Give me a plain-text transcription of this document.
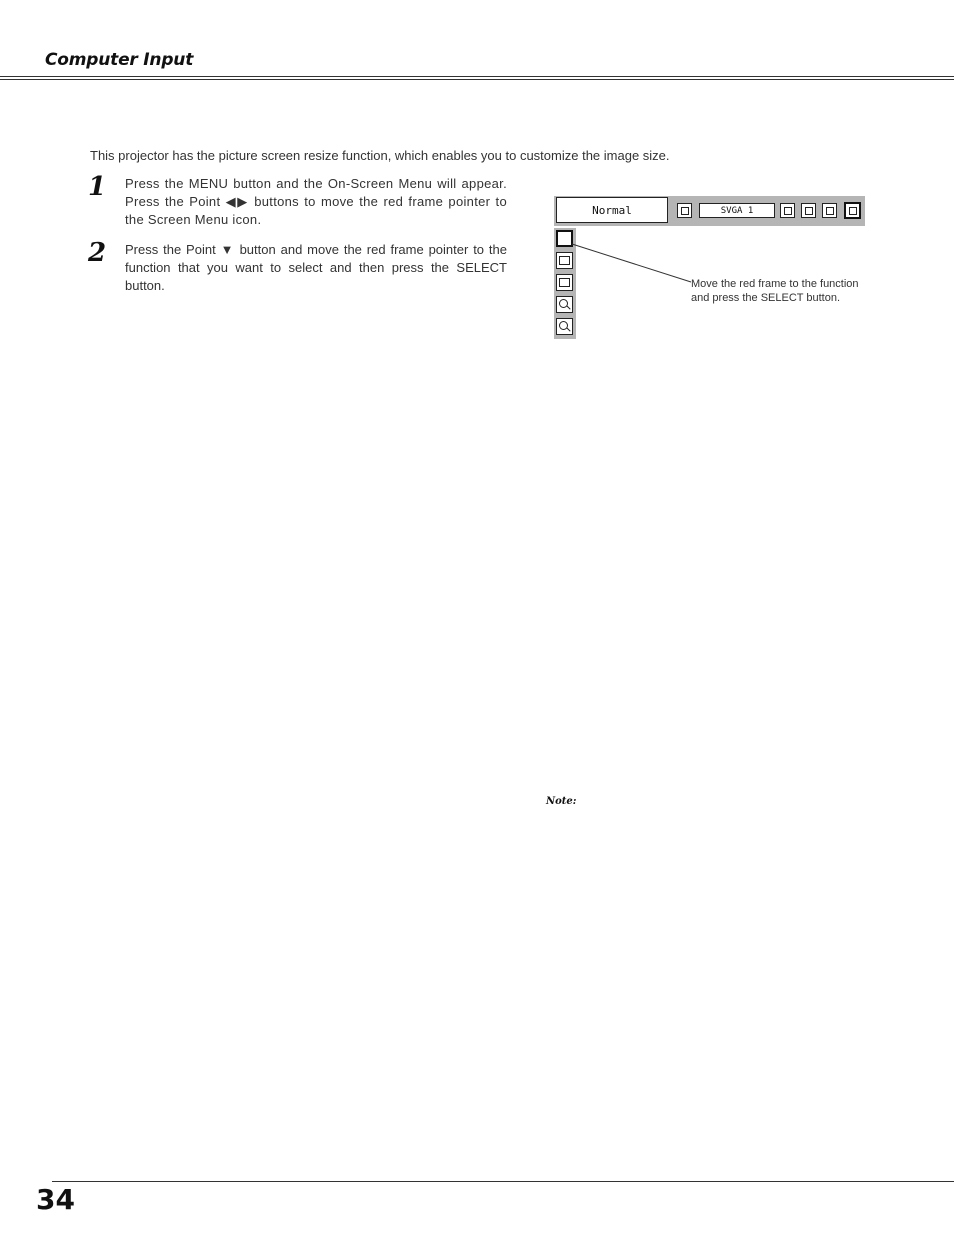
Computer Input
This projector has the picture screen resize function, which enables you to customize the image size.
1 Press the MENU button and the On-Screen Menu will appear. Press the Point ◀▶ buttons to move the red frame pointer to the Screen Menu icon.
2 Press the Point ▼ button and move the red frame pointer to the function that you want to select and then press the SELECT button.
Normal	SVGA 1
Move the red frame to the function and press the SELECT button.
Note:
34
